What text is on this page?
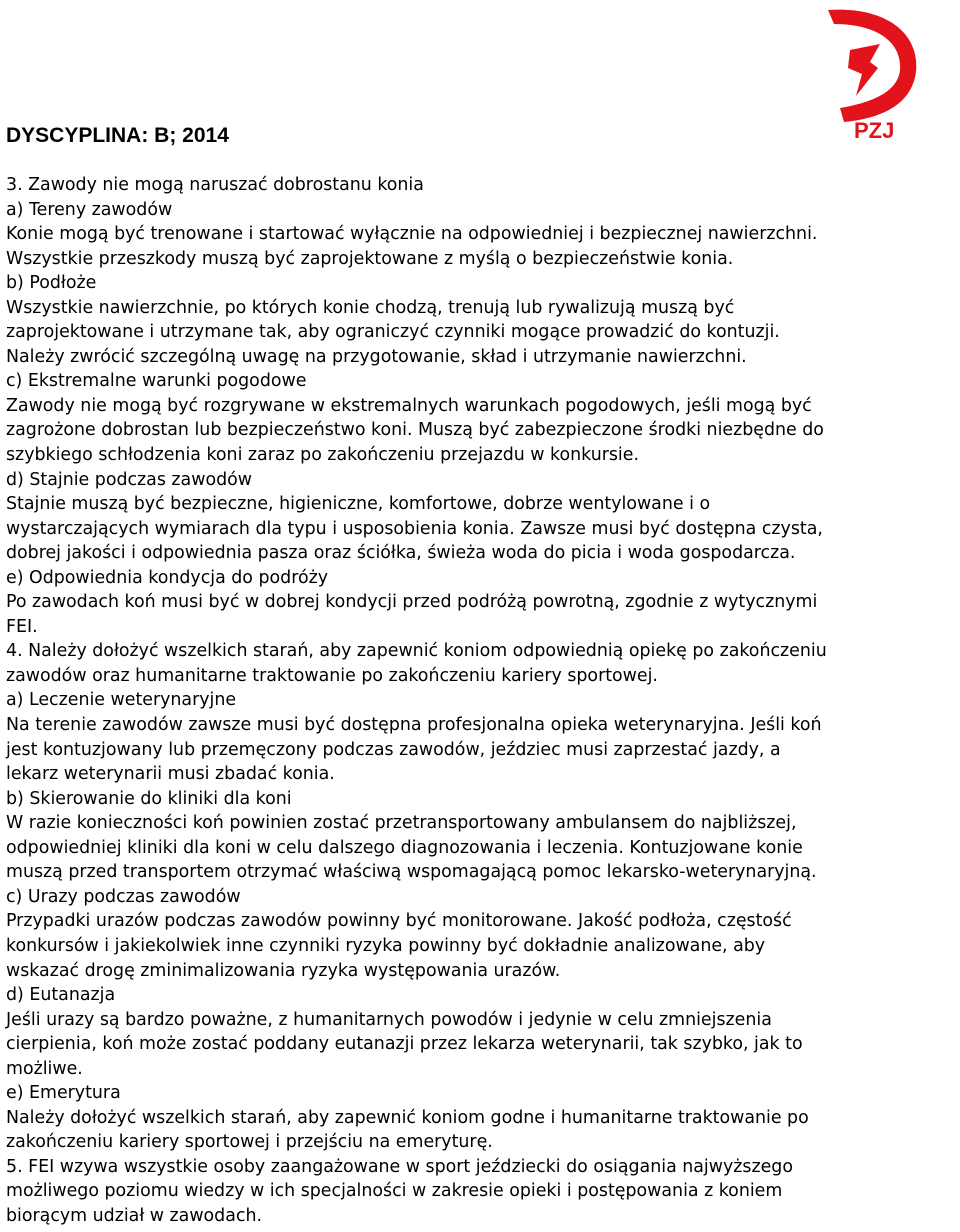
PZJ
DYSCYPLINA: B; 2014
3. Zawody nie mogą naruszać dobrostanu konia
a) Tereny zawodów
Konie mogą być trenowane i startować wyłącznie na odpowiedniej i bezpiecznej nawierzchni.
Wszystkie przeszkody muszą być zaprojektowane z myślą o bezpieczeństwie konia.
b) Podłoże
Wszystkie nawierzchnie, po których konie chodzą, trenują lub rywalizują muszą być
zaprojektowane i utrzymane tak, aby ograniczyć czynniki mogące prowadzić do kontuzji.
Należy zwrócić szczególną uwagę na przygotowanie, skład i utrzymanie nawierzchni.
c) Ekstremalne warunki pogodowe
Zawody nie mogą być rozgrywane w ekstremalnych warunkach pogodowych, jeśli mogą być
zagrożone dobrostan lub bezpieczeństwo koni. Muszą być zabezpieczone środki niezbędne do
szybkiego schłodzenia koni zaraz po zakończeniu przejazdu w konkursie.
d) Stajnie podczas zawodów
Stajnie muszą być bezpieczne, higieniczne, komfortowe, dobrze wentylowane i o
wystarczających wymiarach dla typu i usposobienia konia. Zawsze musi być dostępna czysta,
dobrej jakości i odpowiednia pasza oraz ściółka, świeża woda do picia i woda gospodarcza.
e) Odpowiednia kondycja do podróży
Po zawodach koń musi być w dobrej kondycji przed podróżą powrotną, zgodnie z wytycznymi
FEI.
4. Należy dołożyć wszelkich starań, aby zapewnić koniom odpowiednią opiekę po zakończeniu
zawodów oraz humanitarne traktowanie po zakończeniu kariery sportowej.
a) Leczenie weterynaryjne
Na terenie zawodów zawsze musi być dostępna profesjonalna opieka weterynaryjna. Jeśli koń
jest kontuzjowany lub przemęczony podczas zawodów, jeździec musi zaprzestać jazdy, a
lekarz weterynarii musi zbadać konia.
b) Skierowanie do kliniki dla koni
W razie konieczności koń powinien zostać przetransportowany ambulansem do najbliższej,
odpowiedniej kliniki dla koni w celu dalszego diagnozowania i leczenia. Kontuzjowane konie
muszą przed transportem otrzymać właściwą wspomagającą pomoc lekarsko-weterynaryjną.
c) Urazy podczas zawodów
Przypadki urazów podczas zawodów powinny być monitorowane. Jakość podłoża, częstość
konkursów i jakiekolwiek inne czynniki ryzyka powinny być dokładnie analizowane, aby
wskazać drogę zminimalizowania ryzyka występowania urazów.
d) Eutanazja
Jeśli urazy są bardzo poważne, z humanitarnych powodów i jedynie w celu zmniejszenia
cierpienia, koń może zostać poddany eutanazji przez lekarza weterynarii, tak szybko, jak to
możliwe.
e) Emerytura
Należy dołożyć wszelkich starań, aby zapewnić koniom godne i humanitarne traktowanie po
zakończeniu kariery sportowej i przejściu na emeryturę.
5. FEI wzywa wszystkie osoby zaangażowane w sport jeździecki do osiągania najwyższego
możliwego poziomu wiedzy w ich specjalności w zakresie opieki i postępowania z koniem
biorącym udział w zawodach.
